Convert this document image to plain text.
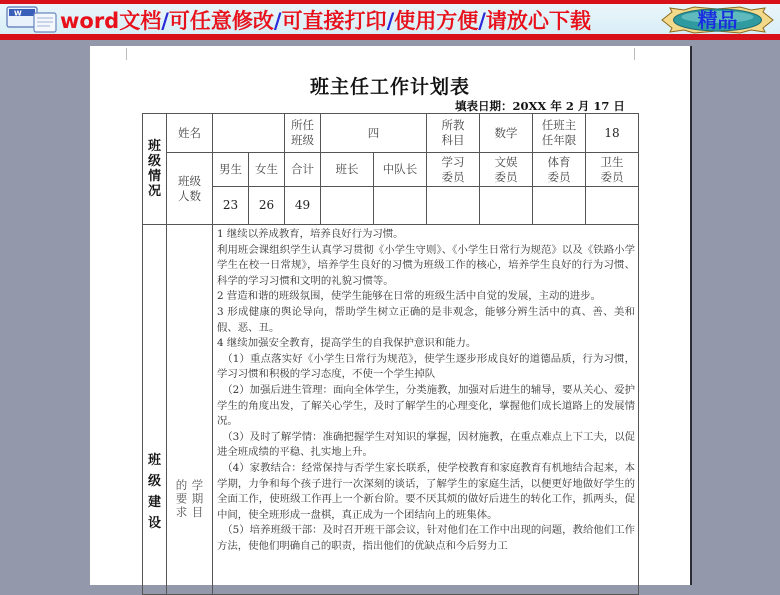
W word文档/可任意修改/可直接打印/使用方便/请放心下载	精品
班主任工作计划表
填表日期：20XX 年 2 月 17 日
班级情况	姓名			所任班级	四		所教科目	数学	任班主任年限	18

	班级人数	男生	女生	合计	班长	中队长	学习委员	文娱委员	体育委员	卫生委员

		23	26	49						
班级建设

学期目的要求

1 继续以养成教育，培养良好行为习惯。

利用班会课组织学生认真学习贯彻《小学生守则》、《小学生日常行为规范》以及《铁路小学学生在校一日常规》，培养学生良好的习惯为班级工作的核心，培养学生良好的行为习惯、科学的学习习惯和文明的礼貌习惯等。

2 营造和谐的班级氛围，使学生能够在日常的班级生活中自觉的发展，主动的进步。

3 形成健康的舆论导向，帮助学生树立正确的是非观念，能够分辨生活中的真、善、美和假、恶、丑。

4 继续加强安全教育，提高学生的自我保护意识和能力。

（1）重点落实好《小学生日常行为规范》，使学生逐步形成良好的道德品质，行为习惯，学习习惯和积极的学习态度，不使一个学生掉队

（2）加强后进生管理：面向全体学生，分类施教，加强对后进生的辅导，要从关心、爱护学生的角度出发，了解关心学生，及时了解学生的心理变化，掌握他们成长道路上的发展情况。

（3）及时了解学情：准确把握学生对知识的掌握，因材施教，在重点难点上下工夫，以促进全班成绩的平稳、扎实地上升。

（4）家教结合：经常保持与否学生家长联系，使学校教育和家庭教育有机地结合起来，本学期，力争和每个孩子进行一次深刻的谈话，了解学生的家庭生活，以便更好地做好学生的全面工作，使班级工作再上一个新台阶。要不厌其烦的做好后进生的转化工作，抓两头，促中间，使全班形成一盘棋，真正成为一个团结向上的班集体。

（5）培养班级干部：及时召开班干部会议，针对他们在工作中出现的问题，教给他们工作方法，使他们明确自己的职责，指出他们的优缺点和今后努力工
